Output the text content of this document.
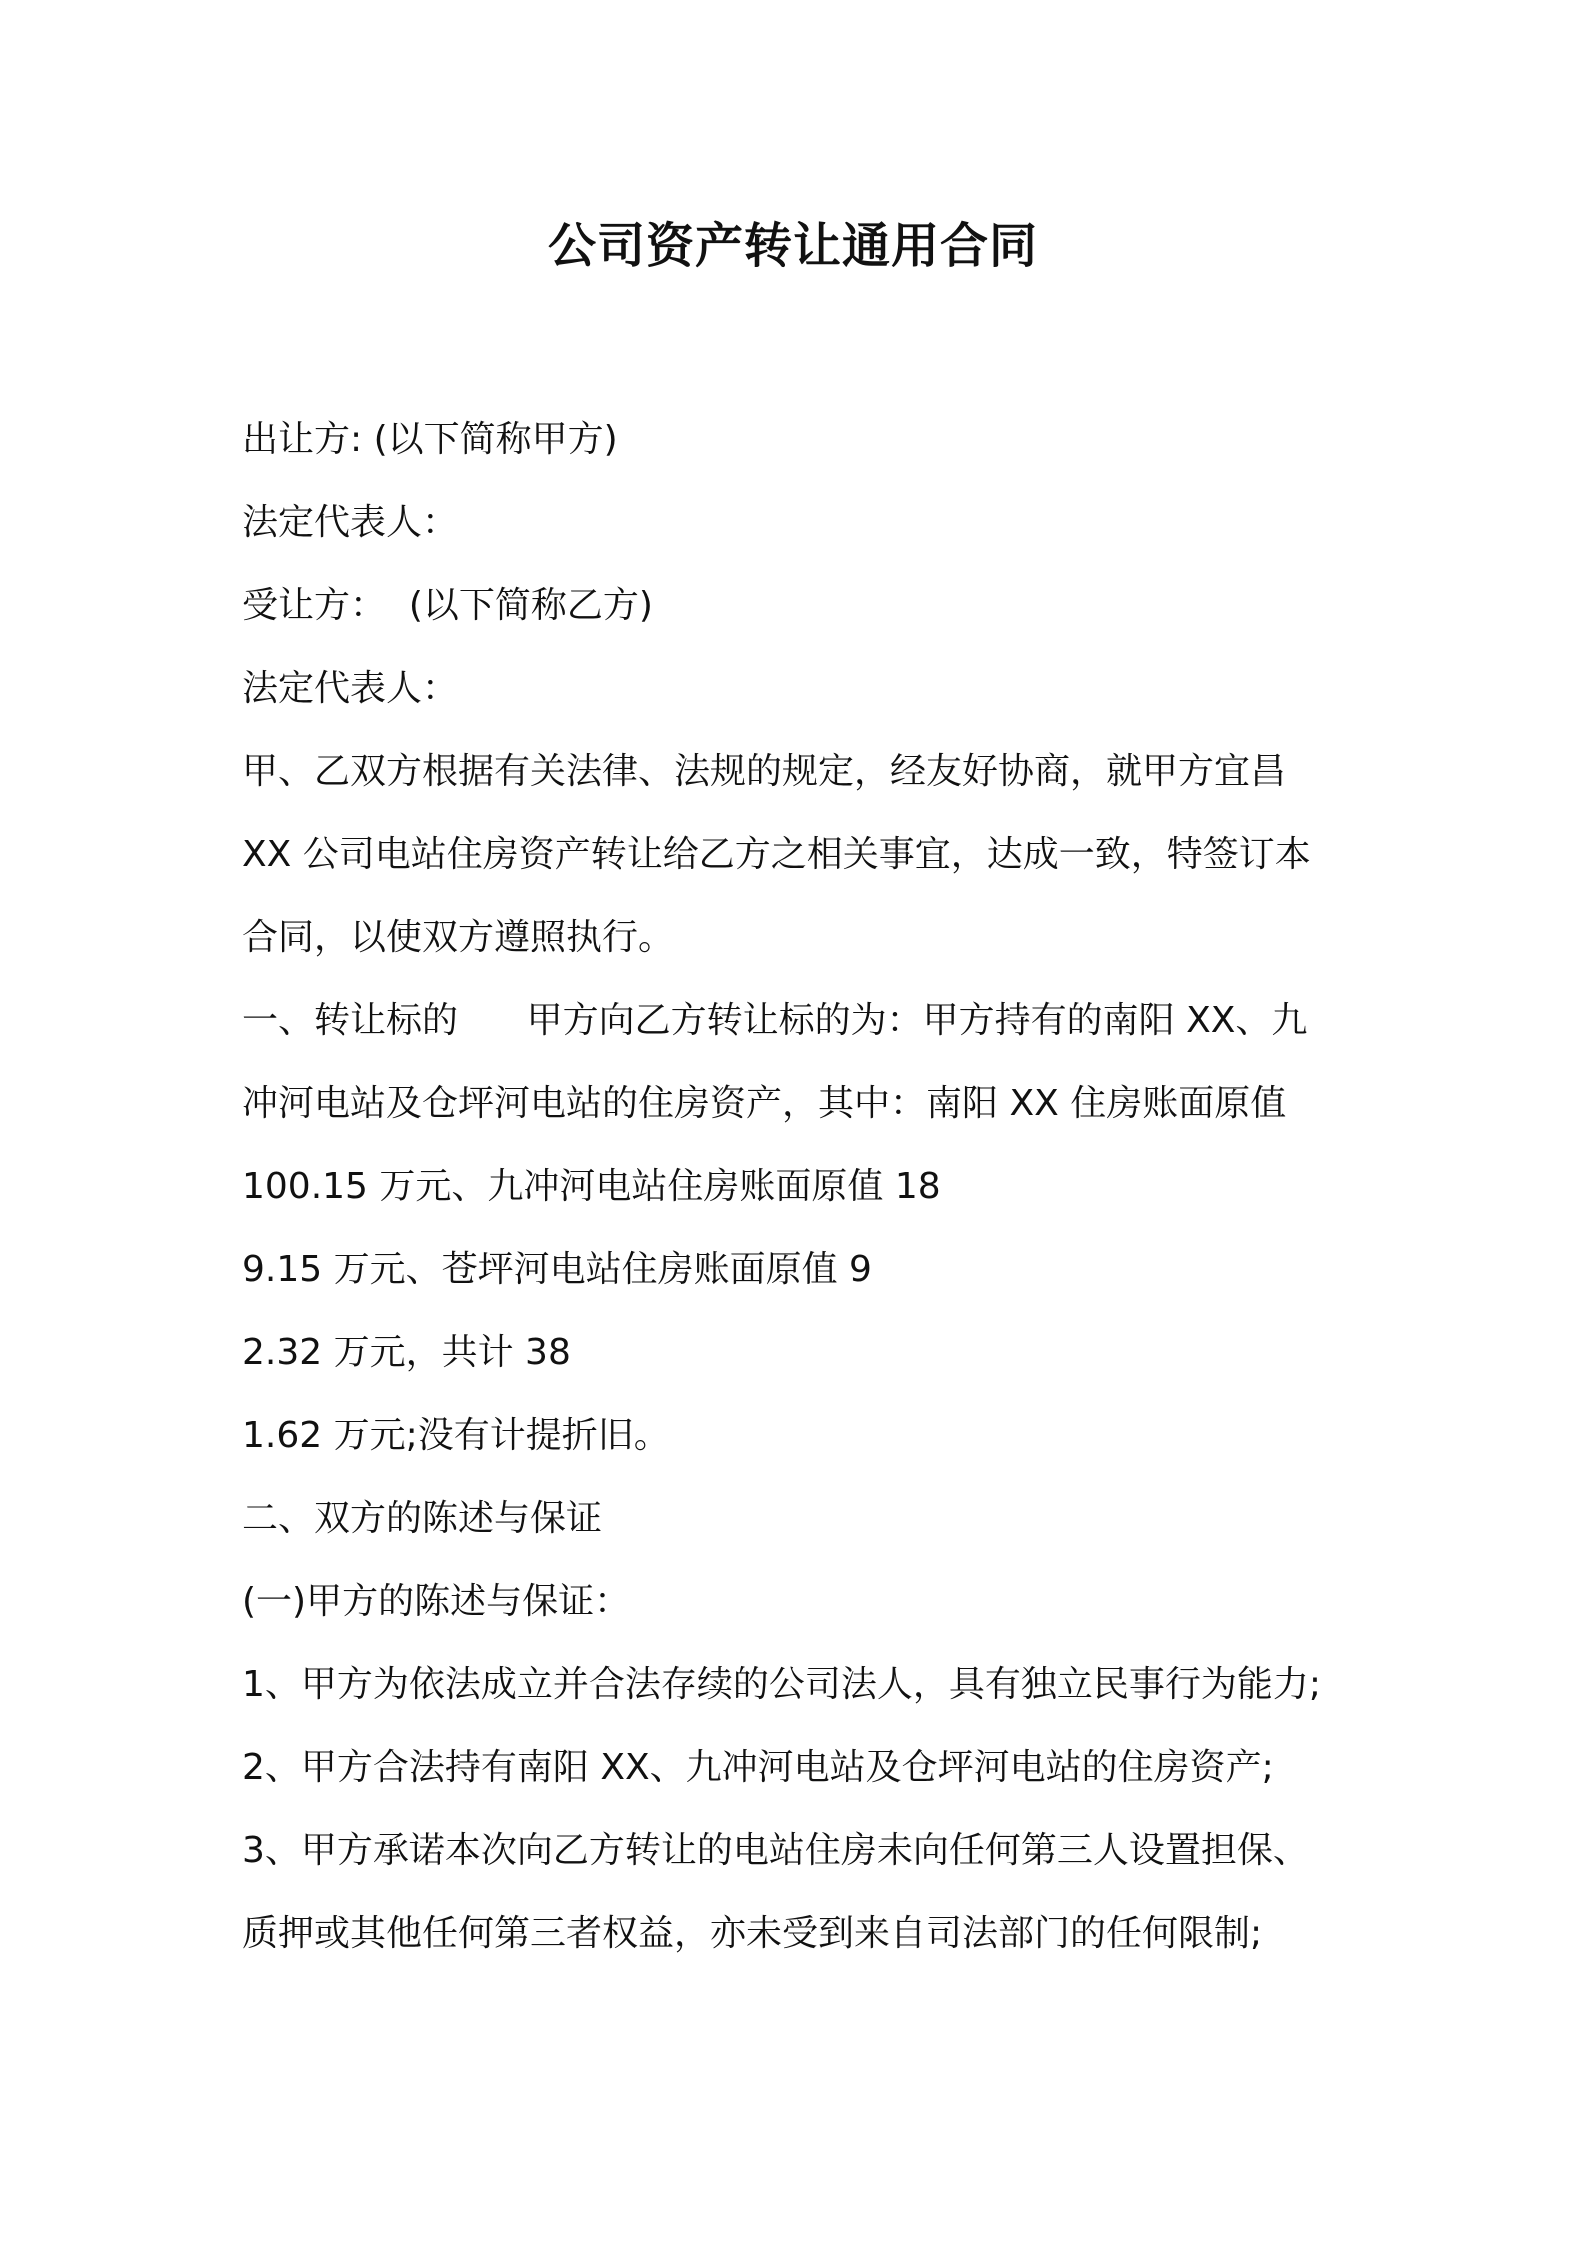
公司资产转让通用合同
出让方: (以下简称甲方)
法定代表人：
受让方：  (以下简称乙方)
法定代表人：
甲、乙双方根据有关法律、法规的规定，经友好协商，就甲方宜昌
XX 公司电站住房资产转让给乙方之相关事宜，达成一致，特签订本
合同，以使双方遵照执行。
一、转让标的      甲方向乙方转让标的为：甲方持有的南阳 XX、九
冲河电站及仓坪河电站的住房资产，其中：南阳 XX 住房账面原值
100.15 万元、九冲河电站住房账面原值 18
9.15 万元、苍坪河电站住房账面原值 9
2.32 万元，共计 38
1.62 万元;没有计提折旧。
二、双方的陈述与保证
(一)甲方的陈述与保证：
1、甲方为依法成立并合法存续的公司法人，具有独立民事行为能力;
2、甲方合法持有南阳 XX、九冲河电站及仓坪河电站的住房资产;
3、甲方承诺本次向乙方转让的电站住房未向任何第三人设置担保、
质押或其他任何第三者权益，亦未受到来自司法部门的任何限制;
